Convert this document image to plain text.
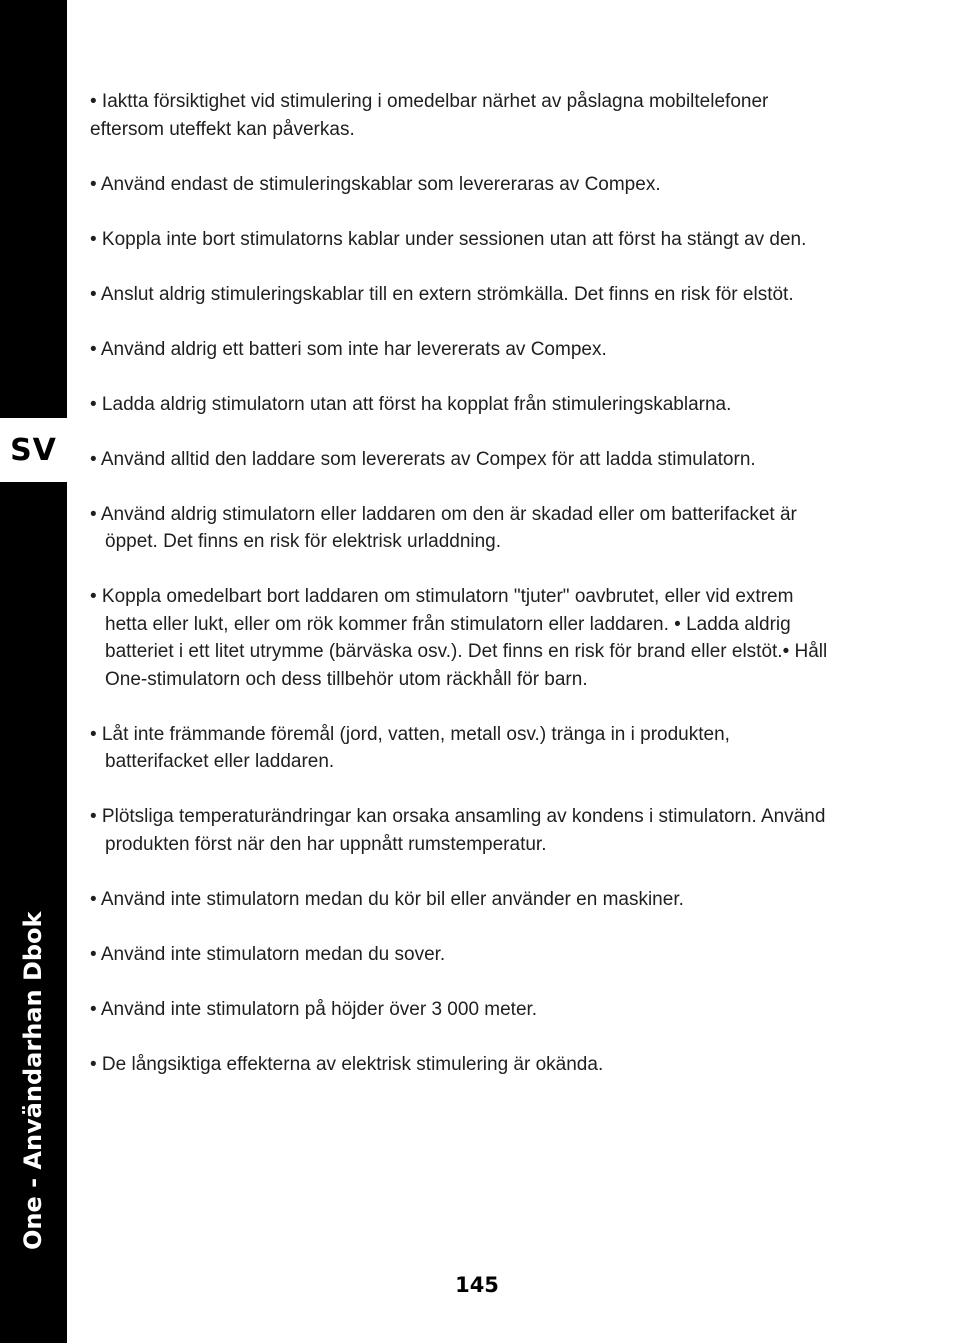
SV
One - Användarhan Dbok

• Iaktta försiktighet vid stimulering i omedelbar närhet av påslagna mobiltelefoner
eftersom uteffekt kan påverkas.

• Använd endast de stimuleringskablar som levereraras av Compex.

• Koppla inte bort stimulatorns kablar under sessionen utan att först ha stängt av den.

• Anslut aldrig stimuleringskablar till en extern strömkälla. Det finns en risk för elstöt.

• Använd aldrig ett batteri som inte har levererats av Compex.

• Ladda aldrig stimulatorn utan att först ha kopplat från stimuleringskablarna.

• Använd alltid den laddare som levererats av Compex för att ladda stimulatorn.

• Använd aldrig stimulatorn eller laddaren om den är skadad eller om batterifacket är
öppet. Det finns en risk för elektrisk urladdning.

• Koppla omedelbart bort laddaren om stimulatorn "tjuter" oavbrutet, eller vid extrem
hetta eller lukt, eller om rök kommer från stimulatorn eller laddaren. • Ladda aldrig
batteriet i ett litet utrymme (bärväska osv.). Det finns en risk för brand eller elstöt.• Håll
One-stimulatorn och dess tillbehör utom räckhåll för barn.

• Låt inte främmande föremål (jord, vatten, metall osv.) tränga in i produkten,
batterifacket eller laddaren.

• Plötsliga temperaturändringar kan orsaka ansamling av kondens i stimulatorn. Använd
produkten först när den har uppnått rumstemperatur.

• Använd inte stimulatorn medan du kör bil eller använder en maskiner.

• Använd inte stimulatorn medan du sover.

• Använd inte stimulatorn på höjder över 3 000 meter.

• De långsiktiga effekterna av elektrisk stimulering är okända.

145
